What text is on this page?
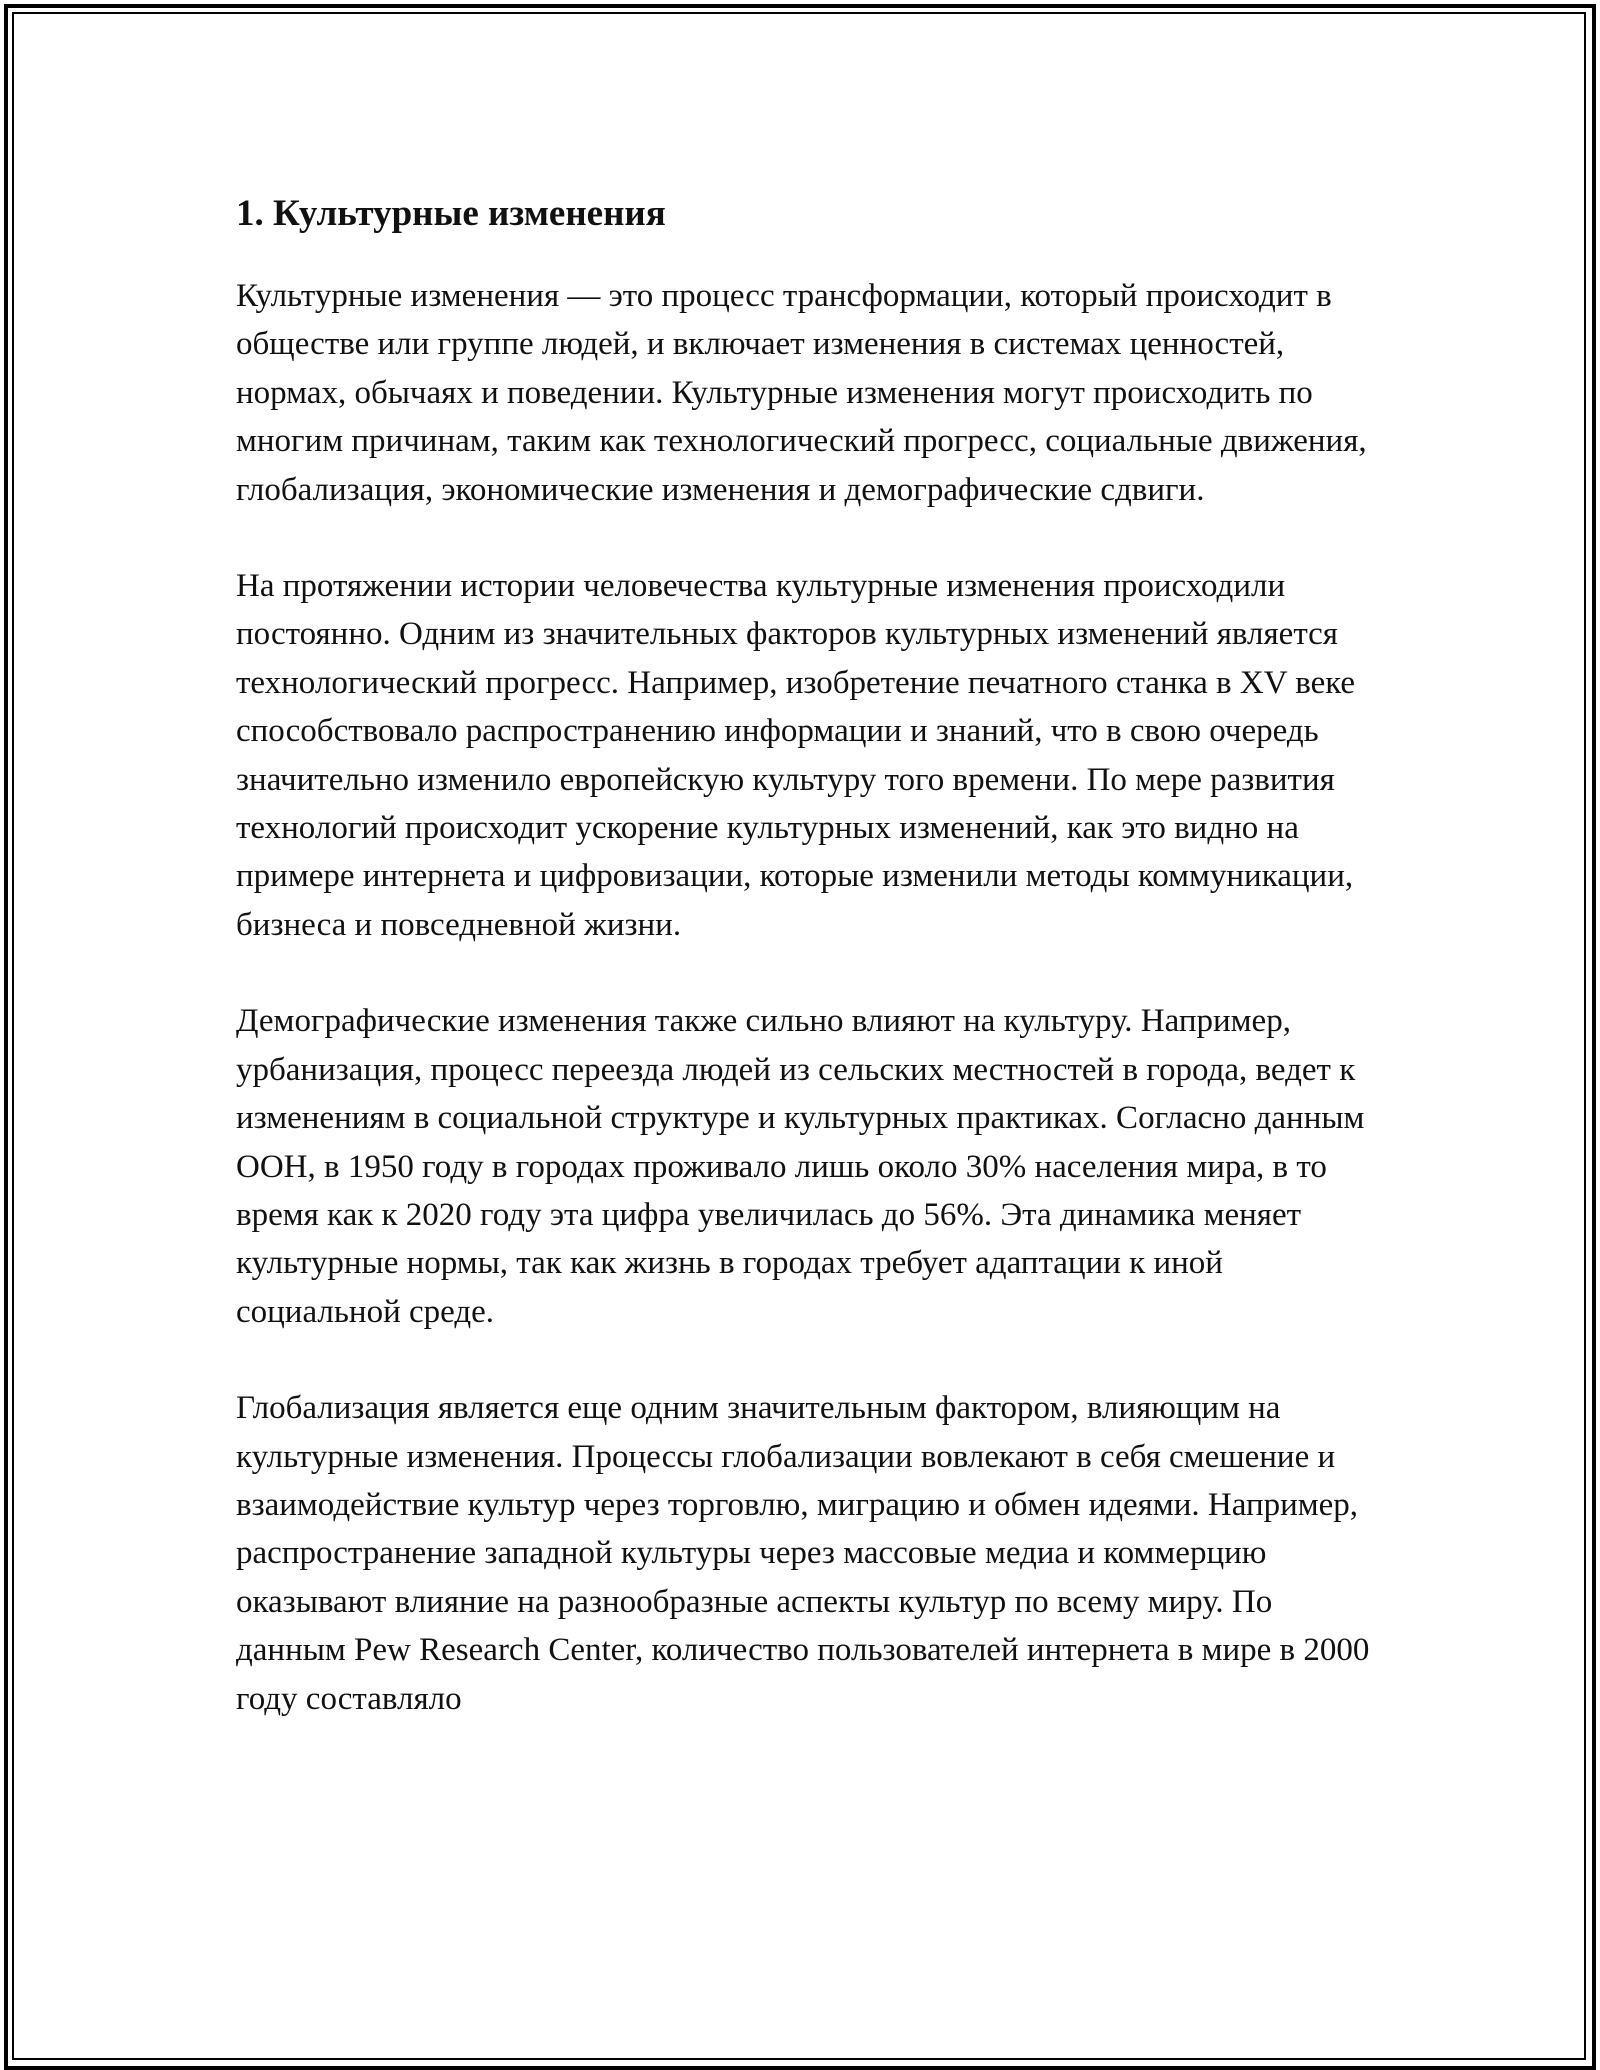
1. Культурные изменения

Культурные изменения — это процесс трансформации, который происходит в обществе или группе людей, и включает изменения в системах ценностей, нормах, обычаях и поведении. Культурные изменения могут происходить по многим причинам, таким как технологический прогресс, социальные движения, глобализация, экономические изменения и демографические сдвиги.

На протяжении истории человечества культурные изменения происходили постоянно. Одним из значительных факторов культурных изменений является технологический прогресс. Например, изобретение печатного станка в XV веке способствовало распространению информации и знаний, что в свою очередь значительно изменило европейскую культуру того времени. По мере развития технологий происходит ускорение культурных изменений, как это видно на примере интернета и цифровизации, которые изменили методы коммуникации, бизнеса и повседневной жизни.

Демографические изменения также сильно влияют на культуру. Например, урбанизация, процесс переезда людей из сельских местностей в города, ведет к изменениям в социальной структуре и культурных практиках. Согласно данным ООН, в 1950 году в городах проживало лишь около 30% населения мира, в то время как к 2020 году эта цифра увеличилась до 56%. Эта динамика меняет культурные нормы, так как жизнь в городах требует адаптации к иной социальной среде.

Глобализация является еще одним значительным фактором, влияющим на культурные изменения. Процессы глобализации вовлекают в себя смешение и взаимодействие культур через торговлю, миграцию и обмен идеями. Например, распространение западной культуры через массовые медиа и коммерцию оказывают влияние на разнообразные аспекты культур по всему миру. По данным Pew Research Center, количество пользователей интернета в мире в 2000 году составляло
